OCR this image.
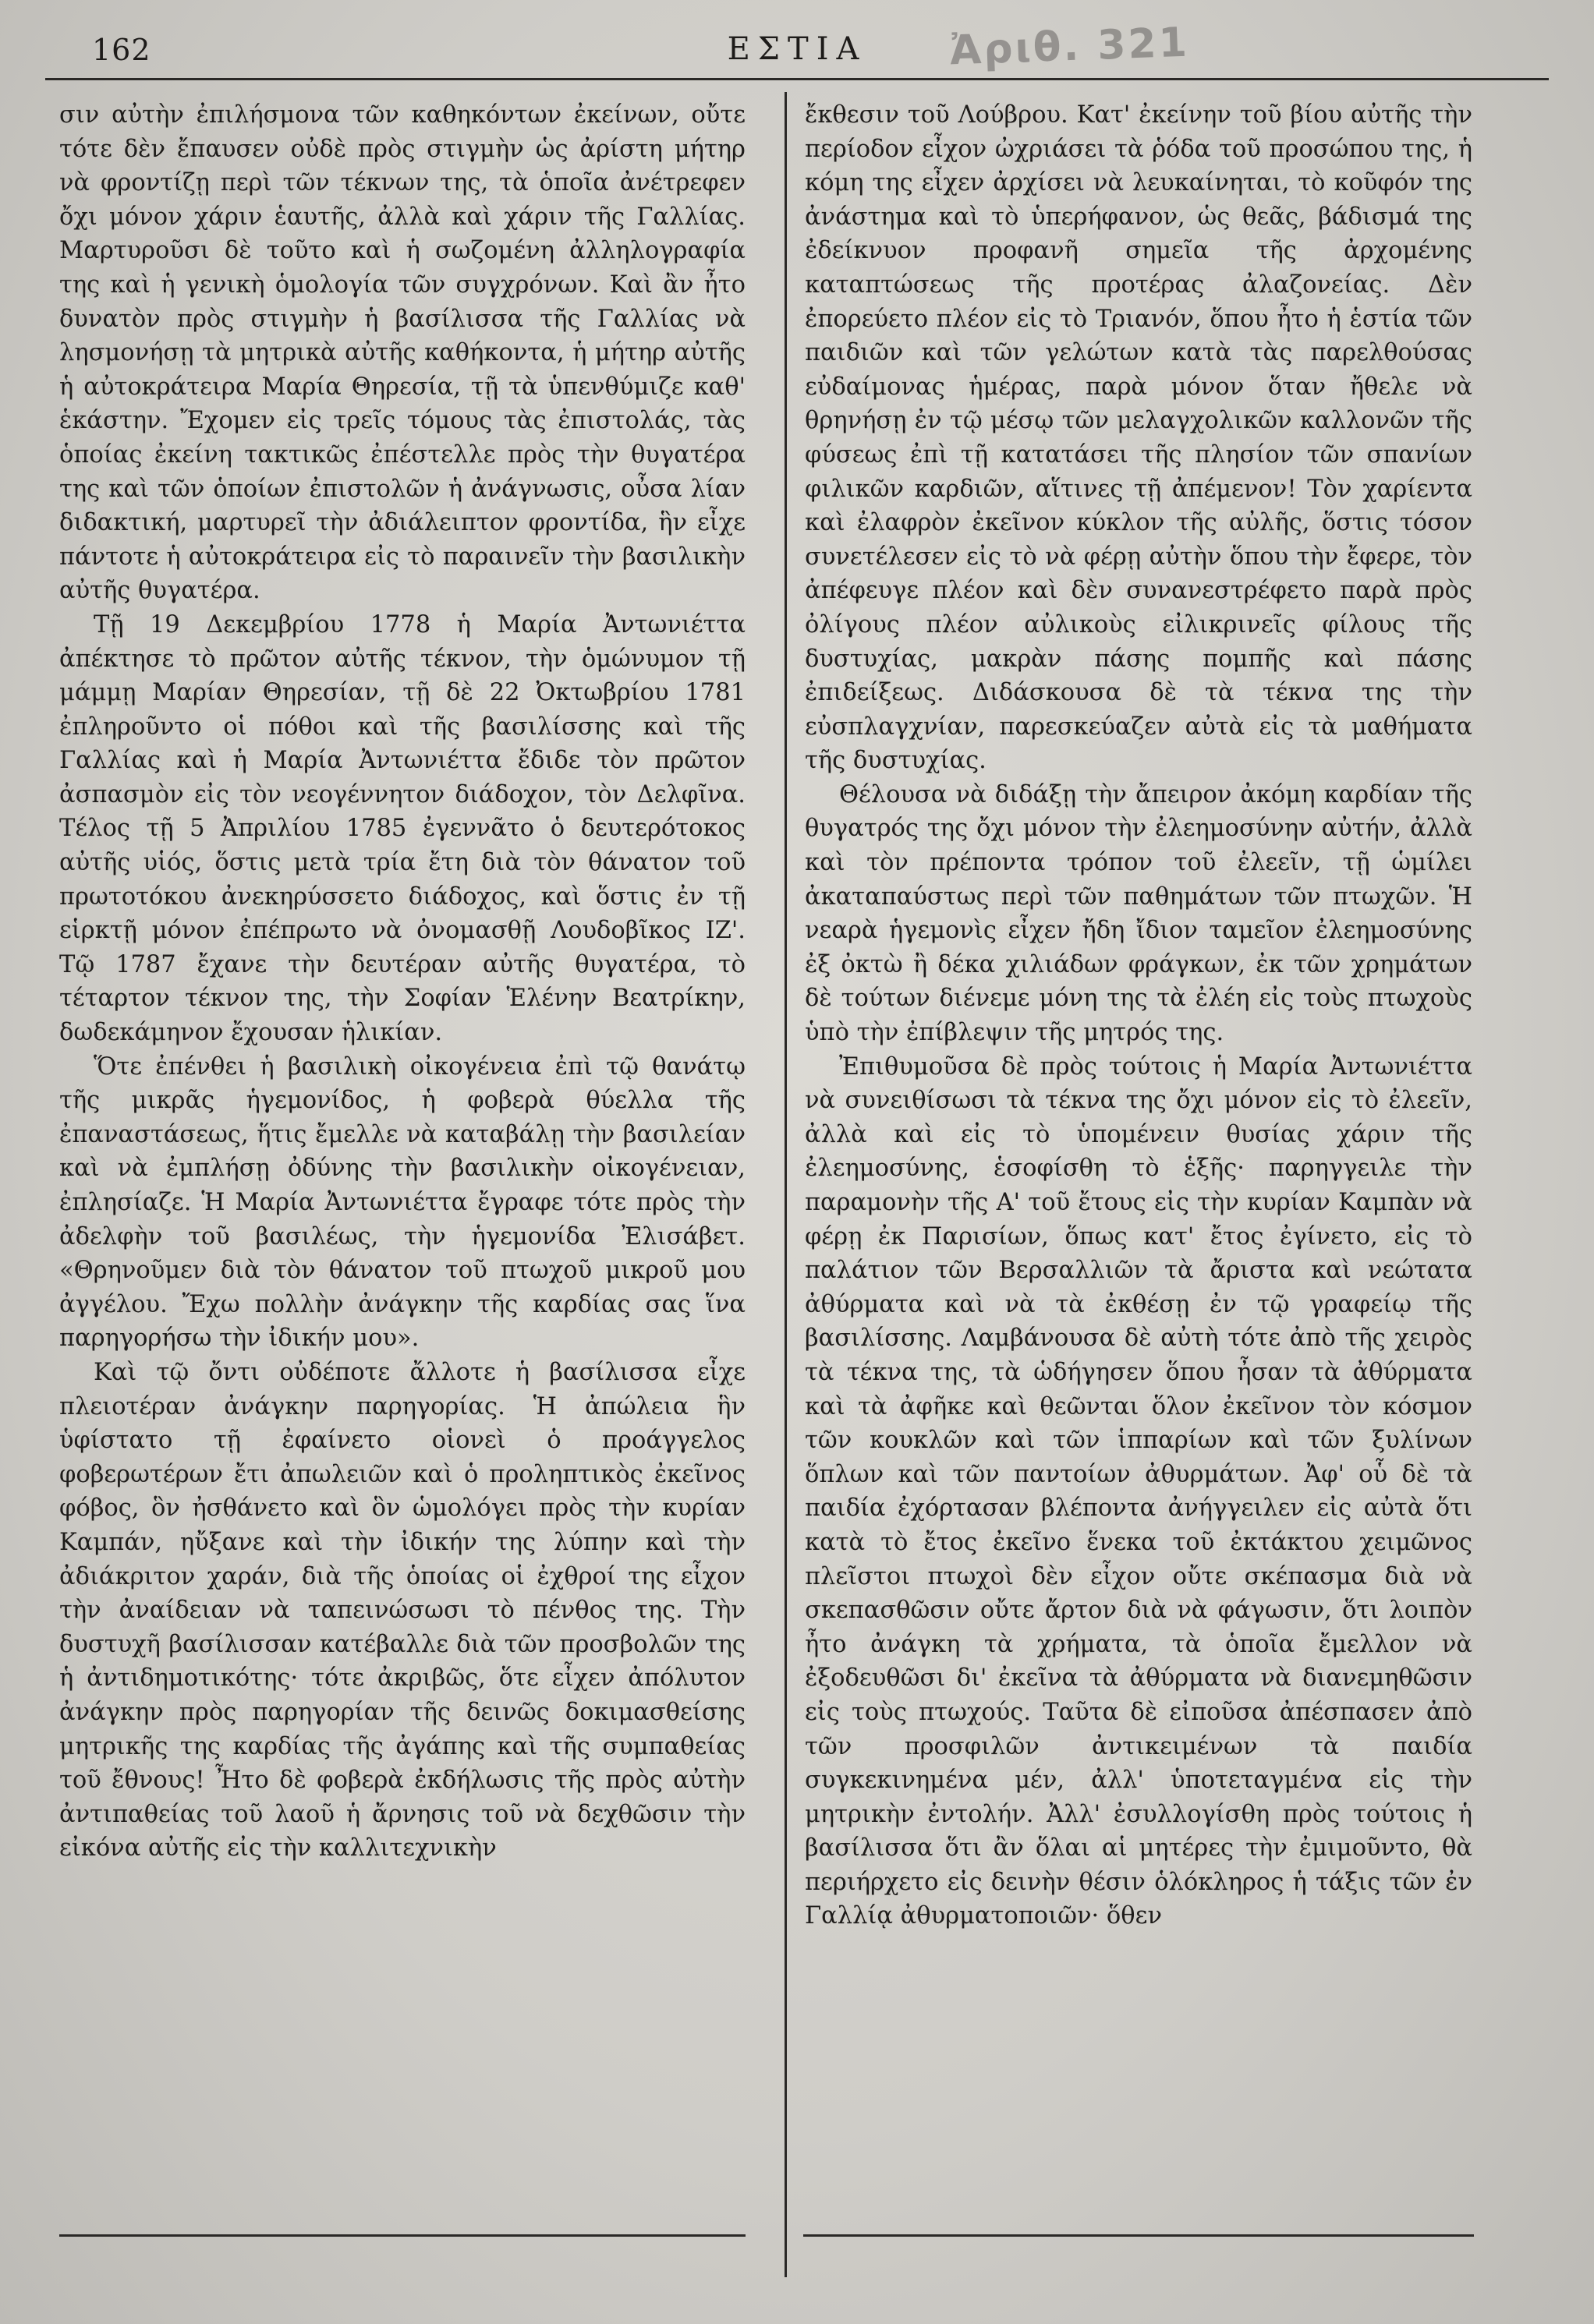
162	ΕΣΤΙΑ	Ἀριθ. 321

σιν αὐτὴν ἐπιλήσμονα τῶν καθηκόντων ἐκείνων, οὔτε τότε δὲν ἔπαυσεν οὐδὲ πρὸς στιγμὴν ὡς ἀρίστη μήτηρ νὰ φροντίζῃ περὶ τῶν τέκνων της, τὰ ὁποῖα ἀνέτρεφεν ὄχι μόνον χάριν ἑαυτῆς, ἀλλὰ καὶ χάριν τῆς Γαλλίας. Μαρτυροῦσι δὲ τοῦτο καὶ ἡ σωζομένη ἀλληλογραφία της καὶ ἡ γενικὴ ὁμολογία τῶν συγχρόνων. Καὶ ἂν ἦτο δυνατὸν πρὸς στιγμὴν ἡ βασίλισσα τῆς Γαλλίας νὰ λησμονήσῃ τὰ μητρικὰ αὐτῆς καθήκοντα, ἡ μήτηρ αὐτῆς ἡ αὐτοκράτειρα Μαρία Θηρεσία, τῇ τὰ ὑπενθύμιζε καθ' ἑκάστην. Ἔχομεν εἰς τρεῖς τόμους τὰς ἐπιστολάς, τὰς ὁποίας ἐκείνη τακτικῶς ἐπέστελλε πρὸς τὴν θυγατέρα της καὶ τῶν ὁποίων ἐπιστολῶν ἡ ἀνάγνωσις, οὖσα λίαν διδακτική, μαρτυρεῖ τὴν ἀδιάλειπτον φροντίδα, ἣν εἶχε πάντοτε ἡ αὐτοκράτειρα εἰς τὸ παραινεῖν τὴν βασιλικὴν αὐτῆς θυγατέρα.

Τῇ 19 Δεκεμβρίου 1778 ἡ Μαρία Ἀντωνιέττα ἀπέκτησε τὸ πρῶτον αὐτῆς τέκνον, τὴν ὁμώνυμον τῇ μάμμῃ Μαρίαν Θηρεσίαν, τῇ δὲ 22 Ὀκτωβρίου 1781 ἐπληροῦντο οἱ πόθοι καὶ τῆς βασιλίσσης καὶ τῆς Γαλλίας καὶ ἡ Μαρία Ἀντωνιέττα ἔδιδε τὸν πρῶτον ἀσπασμὸν εἰς τὸν νεογέννητον διάδοχον, τὸν Δελφῖνα. Τέλος τῇ 5 Ἀπριλίου 1785 ἐγεννᾶτο ὁ δευτερότοκος αὐτῆς υἱός, ὅστις μετὰ τρία ἔτη διὰ τὸν θάνατον τοῦ πρωτοτόκου ἀνεκηρύσσετο διάδοχος, καὶ ὅστις ἐν τῇ εἱρκτῇ μόνον ἐπέπρωτο νὰ ὀνομασθῇ Λουδοβῖκος ΙΖ'. Τῷ 1787 ἔχανε τὴν δευτέραν αὐτῆς θυγατέρα, τὸ τέταρτον τέκνον της, τὴν Σοφίαν Ἑλένην Βεατρίκην, δωδεκάμηνον ἔχουσαν ἡλικίαν.

Ὅτε ἐπένθει ἡ βασιλικὴ οἰκογένεια ἐπὶ τῷ θανάτῳ τῆς μικρᾶς ἡγεμονίδος, ἡ φοβερὰ θύελλα τῆς ἐπαναστάσεως, ἥτις ἔμελλε νὰ καταβάλῃ τὴν βασιλείαν καὶ νὰ ἐμπλήσῃ ὀδύνης τὴν βασιλικὴν οἰκογένειαν, ἐπλησίαζε. Ἡ Μαρία Ἀντωνιέττα ἔγραφε τότε πρὸς τὴν ἀδελφὴν τοῦ βασιλέως, τὴν ἡγεμονίδα Ἐλισάβετ. «Θρηνοῦμεν διὰ τὸν θάνατον τοῦ πτωχοῦ μικροῦ μου ἀγγέλου. Ἔχω πολλὴν ἀνάγκην τῆς καρδίας σας ἵνα παρηγορήσω τὴν ἰδικήν μου».

Καὶ τῷ ὄντι οὐδέποτε ἄλλοτε ἡ βασίλισσα εἶχε πλειοτέραν ἀνάγκην παρηγορίας. Ἡ ἀπώλεια ἣν ὑφίστατο τῇ ἐφαίνετο οἱονεὶ ὁ προάγγελος φοβερωτέρων ἔτι ἀπωλειῶν καὶ ὁ προληπτικὸς ἐκεῖνος φόβος, ὃν ἠσθάνετο καὶ ὃν ὡμολόγει πρὸς τὴν κυρίαν Καμπάν, ηὔξανε καὶ τὴν ἰδικήν της λύπην καὶ τὴν ἀδιάκριτον χαράν, διὰ τῆς ὁποίας οἱ ἐχθροί της εἶχον τὴν ἀναίδειαν νὰ ταπεινώσωσι τὸ πένθος της. Τὴν δυστυχῆ βασίλισσαν κατέβαλλε διὰ τῶν προσβολῶν της ἡ ἀντιδημοτικότης· τότε ἀκριβῶς, ὅτε εἶχεν ἀπόλυτον ἀνάγκην πρὸς παρηγορίαν τῆς δεινῶς δοκιμασθείσης μητρικῆς της καρδίας τῆς ἀγάπης καὶ τῆς συμπαθείας τοῦ ἔθνους! Ἦτο δὲ φοβερὰ ἐκδήλωσις τῆς πρὸς αὐτὴν ἀντιπαθείας τοῦ λαοῦ ἡ ἄρνησις τοῦ νὰ δεχθῶσιν τὴν εἰκόνα αὐτῆς εἰς τὴν καλλιτεχνικὴν

ἔκθεσιν τοῦ Λούβρου. Κατ' ἐκείνην τοῦ βίου αὐτῆς τὴν περίοδον εἶχον ὠχριάσει τὰ ῥόδα τοῦ προσώπου της, ἡ κόμη της εἶχεν ἀρχίσει νὰ λευκαίνηται, τὸ κοῦφόν της ἀνάστημα καὶ τὸ ὑπερήφανον, ὡς θεᾶς, βάδισμά της ἐδείκνυον προφανῆ σημεῖα τῆς ἀρχομένης καταπτώσεως τῆς προτέρας ἀλαζονείας. Δὲν ἐπορεύετο πλέον εἰς τὸ Τριανόν, ὅπου ἦτο ἡ ἑστία τῶν παιδιῶν καὶ τῶν γελώτων κατὰ τὰς παρελθούσας εὐδαίμονας ἡμέρας, παρὰ μόνον ὅταν ἤθελε νὰ θρηνήσῃ ἐν τῷ μέσῳ τῶν μελαγχολικῶν καλλονῶν τῆς φύσεως ἐπὶ τῇ κατατάσει τῆς πλησίον τῶν σπανίων φιλικῶν καρδιῶν, αἵτινες τῇ ἀπέμενον! Τὸν χαρίεντα καὶ ἐλαφρὸν ἐκεῖνον κύκλον τῆς αὐλῆς, ὅστις τόσον συνετέλεσεν εἰς τὸ νὰ φέρῃ αὐτὴν ὅπου τὴν ἔφερε, τὸν ἀπέφευγε πλέον καὶ δὲν συνανεστρέφετο παρὰ πρὸς ὀλίγους πλέον αὐλικοὺς εἰλικρινεῖς φίλους τῆς δυστυχίας, μακρὰν πάσης πομπῆς καὶ πάσης ἐπιδείξεως. Διδάσκουσα δὲ τὰ τέκνα της τὴν εὐσπλαγχνίαν, παρεσκεύαζεν αὐτὰ εἰς τὰ μαθήματα τῆς δυστυχίας.

Θέλουσα νὰ διδάξῃ τὴν ἄπειρον ἀκόμη καρδίαν τῆς θυγατρός της ὄχι μόνον τὴν ἐλεημοσύνην αὐτήν, ἀλλὰ καὶ τὸν πρέποντα τρόπον τοῦ ἐλεεῖν, τῇ ὡμίλει ἀκαταπαύστως περὶ τῶν παθημάτων τῶν πτωχῶν. Ἡ νεαρὰ ἡγεμονὶς εἶχεν ἤδη ἴδιον ταμεῖον ἐλεημοσύνης ἐξ ὀκτὼ ἢ δέκα χιλιάδων φράγκων, ἐκ τῶν χρημάτων δὲ τούτων διένεμε μόνη της τὰ ἐλέη εἰς τοὺς πτωχοὺς ὑπὸ τὴν ἐπίβλεψιν τῆς μητρός της.

Ἐπιθυμοῦσα δὲ πρὸς τούτοις ἡ Μαρία Ἀντωνιέττα νὰ συνειθίσωσι τὰ τέκνα της ὄχι μόνον εἰς τὸ ἐλεεῖν, ἀλλὰ καὶ εἰς τὸ ὑπομένειν θυσίας χάριν τῆς ἐλεημοσύνης, ἑσοφίσθη τὸ ἑξῆς· παρηγγειλε τὴν παραμονὴν τῆς Α' τοῦ ἔτους εἰς τὴν κυρίαν Καμπὰν νὰ φέρῃ ἐκ Παρισίων, ὅπως κατ' ἔτος ἐγίνετο, εἰς τὸ παλάτιον τῶν Βερσαλλιῶν τὰ ἄριστα καὶ νεώτατα ἀθύρματα καὶ νὰ τὰ ἐκθέσῃ ἐν τῷ γραφείῳ τῆς βασιλίσσης. Λαμβάνουσα δὲ αὐτὴ τότε ἀπὸ τῆς χειρὸς τὰ τέκνα της, τὰ ὡδήγησεν ὅπου ἦσαν τὰ ἀθύρματα καὶ τὰ ἀφῆκε καὶ θεῶνται ὅλον ἐκεῖνον τὸν κόσμον τῶν κουκλῶν καὶ τῶν ἱππαρίων καὶ τῶν ξυλίνων ὅπλων καὶ τῶν παντοίων ἀθυρμάτων. Ἀφ' οὗ δὲ τὰ παιδία ἐχόρτασαν βλέποντα ἀνήγγειλεν εἰς αὐτὰ ὅτι κατὰ τὸ ἔτος ἐκεῖνο ἕνεκα τοῦ ἐκτάκτου χειμῶνος πλεῖστοι πτωχοὶ δὲν εἶχον οὔτε σκέπασμα διὰ νὰ σκεπασθῶσιν οὔτε ἄρτον διὰ νὰ φάγωσιν, ὅτι λοιπὸν ἦτο ἀνάγκη τὰ χρήματα, τὰ ὁποῖα ἔμελλον νὰ ἐξοδευθῶσι δι' ἐκεῖνα τὰ ἀθύρματα νὰ διανεμηθῶσιν εἰς τοὺς πτωχούς. Ταῦτα δὲ εἰποῦσα ἀπέσπασεν ἀπὸ τῶν προσφιλῶν ἀντικειμένων τὰ παιδία συγκεκινημένα μέν, ἀλλ' ὑποτεταγμένα εἰς τὴν μητρικὴν ἐντολήν. Ἀλλ' ἐσυλλογίσθη πρὸς τούτοις ἡ βασίλισσα ὅτι ἂν ὅλαι αἱ μητέρες τὴν ἐμιμοῦντο, θὰ περιήρχετο εἰς δεινὴν θέσιν ὁλόκληρος ἡ τάξις τῶν ἐν Γαλλίᾳ ἀθυρματοποιῶν· ὅθεν
